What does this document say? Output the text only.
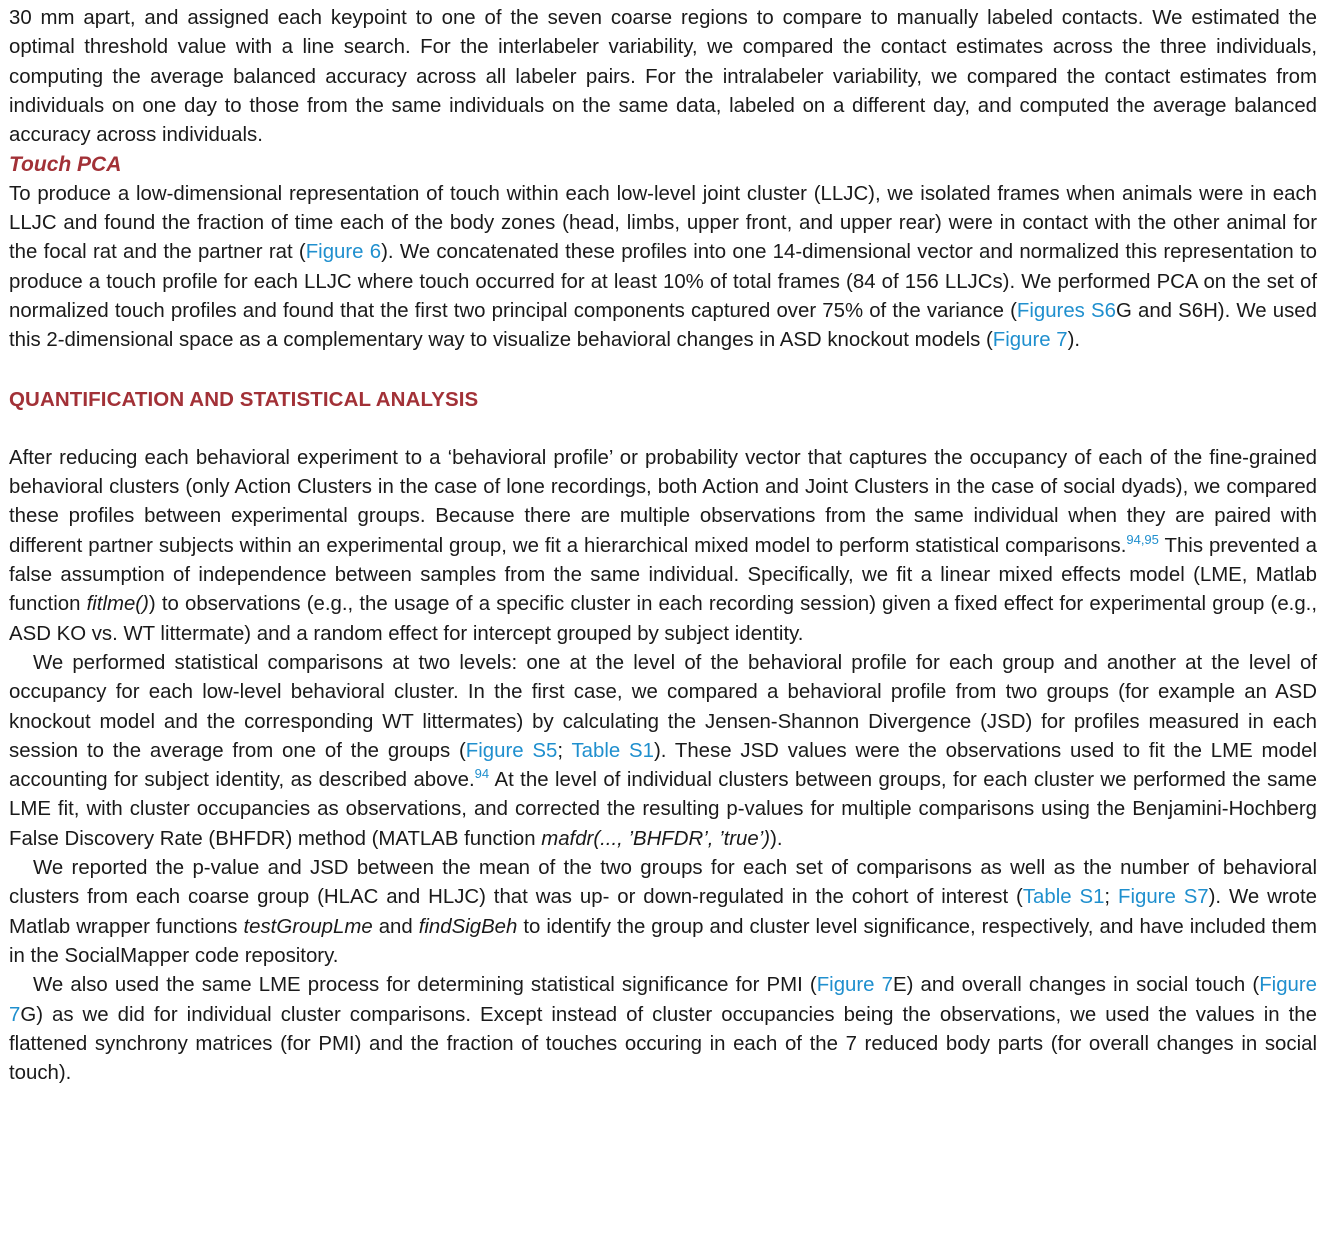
30 mm apart, and assigned each keypoint to one of the seven coarse regions to compare to manually labeled contacts. We estimated the optimal threshold value with a line search. For the interlabeler variability, we compared the contact estimates across the three individuals, computing the average balanced accuracy across all labeler pairs. For the intralabeler variability, we compared the contact estimates from individuals on one day to those from the same individuals on the same data, labeled on a different day, and computed the average balanced accuracy across individuals.

Touch PCA

To produce a low-dimensional representation of touch within each low-level joint cluster (LLJC), we isolated frames when animals were in each LLJC and found the fraction of time each of the body zones (head, limbs, upper front, and upper rear) were in contact with the other animal for the focal rat and the partner rat (Figure 6). We concatenated these profiles into one 14-dimensional vector and normalized this representation to produce a touch profile for each LLJC where touch occurred for at least 10% of total frames (84 of 156 LLJCs). We performed PCA on the set of normalized touch profiles and found that the first two principal components captured over 75% of the variance (Figures S6G and S6H). We used this 2-dimensional space as a complementary way to visualize behavioral changes in ASD knockout models (Figure 7).

QUANTIFICATION AND STATISTICAL ANALYSIS

After reducing each behavioral experiment to a ‘behavioral profile’ or probability vector that captures the occupancy of each of the fine-grained behavioral clusters (only Action Clusters in the case of lone recordings, both Action and Joint Clusters in the case of social dyads), we compared these profiles between experimental groups. Because there are multiple observations from the same individual when they are paired with different partner subjects within an experimental group, we fit a hierarchical mixed model to perform statistical comparisons.$^{94,95}$ This prevented a false assumption of independence between samples from the same individual. Specifically, we fit a linear mixed effects model (LME, Matlab function fitlme()) to observations (e.g., the usage of a specific cluster in each recording session) given a fixed effect for experimental group (e.g., ASD KO vs. WT littermate) and a random effect for intercept grouped by subject identity.

We performed statistical comparisons at two levels: one at the level of the behavioral profile for each group and another at the level of occupancy for each low-level behavioral cluster. In the first case, we compared a behavioral profile from two groups (for example an ASD knockout model and the corresponding WT littermates) by calculating the Jensen-Shannon Divergence (JSD) for profiles measured in each session to the average from one of the groups (Figure S5; Table S1). These JSD values were the observations used to fit the LME model accounting for subject identity, as described above.$^{94}$ At the level of individual clusters between groups, for each cluster we performed the same LME fit, with cluster occupancies as observations, and corrected the resulting p-values for multiple comparisons using the Benjamini-Hochberg False Discovery Rate (BHFDR) method (MATLAB function mafdr(..., ’BHFDR’, ’true’)).

We reported the p-value and JSD between the mean of the two groups for each set of comparisons as well as the number of behavioral clusters from each coarse group (HLAC and HLJC) that was up- or down-regulated in the cohort of interest (Table S1; Figure S7). We wrote Matlab wrapper functions testGroupLme and findSigBeh to identify the group and cluster level significance, respectively, and have included them in the SocialMapper code repository.

We also used the same LME process for determining statistical significance for PMI (Figure 7E) and overall changes in social touch (Figure 7G) as we did for individual cluster comparisons. Except instead of cluster occupancies being the observations, we used the values in the flattened synchrony matrices (for PMI) and the fraction of touches occuring in each of the 7 reduced body parts (for overall changes in social touch).
